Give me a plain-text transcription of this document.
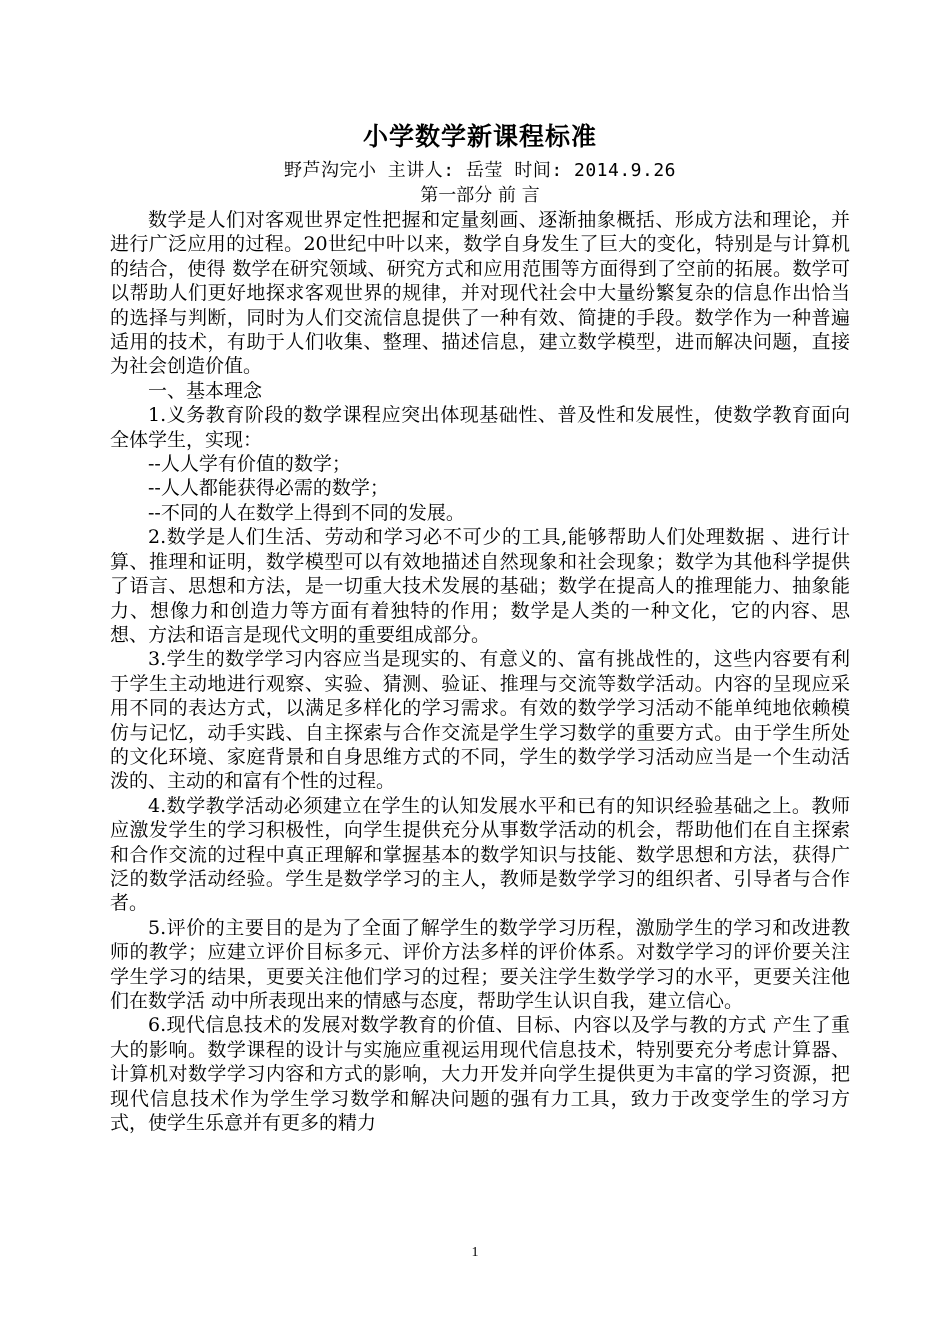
小学数学新课程标准
野芦沟完小 主讲人: 岳莹 时间: 2014.9.26
第一部分 前 言

数学是人们对客观世界定性把握和定量刻画、逐渐抽象概括、形成方法和理论，并进行广泛应用的过程。20世纪中叶以来，数学自身发生了巨大的变化，特别是与计算机的结合，使得 数学在研究领域、研究方式和应用范围等方面得到了空前的拓展。数学可以帮助人们更好地探求客观世界的规律，并对现代社会中大量纷繁复杂的信息作出恰当的选择与判断，同时为人们交流信息提供了一种有效、简捷的手段。数学作为一种普遍适用的技术，有助于人们收集、整理、描述信息，建立数学模型，进而解决问题，直接为社会创造价值。

一、基本理念

1.义务教育阶段的数学课程应突出体现基础性、普及性和发展性，使数学教育面向全体学生，实现：

--人人学有价值的数学；

--人人都能获得必需的数学；

--不同的人在数学上得到不同的发展。

2.数学是人们生活、劳动和学习必不可少的工具,能够帮助人们处理数据 、进行计算、推理和证明，数学模型可以有效地描述自然现象和社会现象；数学为其他科学提供了语言、思想和方法，是一切重大技术发展的基础；数学在提高人的推理能力、抽象能力、想像力和创造力等方面有着独特的作用；数学是人类的一种文化，它的内容、思想、方法和语言是现代文明的重要组成部分。

3.学生的数学学习内容应当是现实的、有意义的、富有挑战性的，这些内容要有利于学生主动地进行观察、实验、猜测、验证、推理与交流等数学活动。内容的呈现应采用不同的表达方式，以满足多样化的学习需求。有效的数学学习活动不能单纯地依赖模仿与记忆，动手实践、自主探索与合作交流是学生学习数学的重要方式。由于学生所处的文化环境、家庭背景和自身思维方式的不同，学生的数学学习活动应当是一个生动活泼的、主动的和富有个性的过程。

4.数学教学活动必须建立在学生的认知发展水平和已有的知识经验基础之上。教师应激发学生的学习积极性，向学生提供充分从事数学活动的机会，帮助他们在自主探索和合作交流的过程中真正理解和掌握基本的数学知识与技能、数学思想和方法，获得广泛的数学活动经验。学生是数学学习的主人，教师是数学学习的组织者、引导者与合作者。

5.评价的主要目的是为了全面了解学生的数学学习历程，激励学生的学习和改进教师的教学；应建立评价目标多元、评价方法多样的评价体系。对数学学习的评价要关注学生学习的结果，更要关注他们学习的过程；要关注学生数学学习的水平，更要关注他们在数学活 动中所表现出来的情感与态度，帮助学生认识自我，建立信心。

6.现代信息技术的发展对数学教育的价值、目标、内容以及学与教的方式 产生了重大的影响。数学课程的设计与实施应重视运用现代信息技术，特别要充分考虑计算器、计算机对数学学习内容和方式的影响，大力开发并向学生提供更为丰富的学习资源，把现代信息技术作为学生学习数学和解决问题的强有力工具，致力于改变学生的学习方式，使学生乐意并有更多的精力

1
